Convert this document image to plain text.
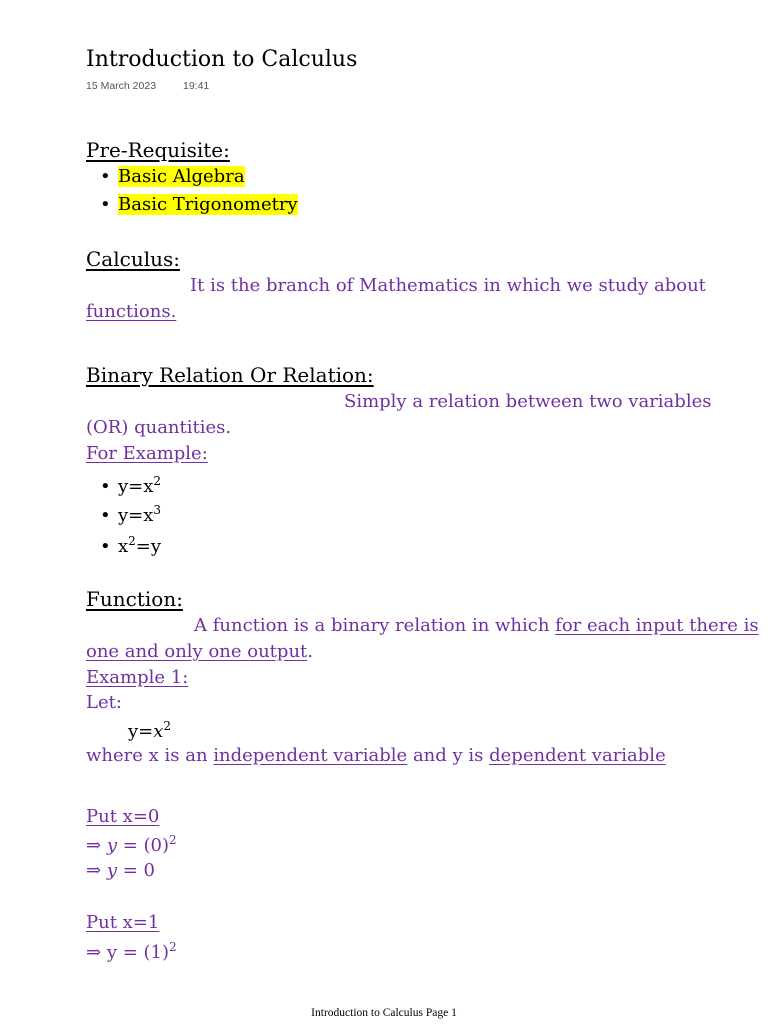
Introduction to Calculus
15 March 2023	19:41
Pre-Requisite:
• Basic Algebra
• Basic Trigonometry
Calculus:
It is the branch of Mathematics in which we study about
functions.
Binary Relation Or Relation:
Simply a relation between two variables
(OR) quantities.
For Example:
• $y=x^2$
• $y=x^3$
• $x^2=y$
Function:
A function is a binary relation in which for each input there is
one and only one output.
Example 1:
Let:
$y=x^2$
where x is an independent variable and y is dependent variable
Put x=0
⇒ $y = (0)^2$
⇒ y = 0
Put x=1
⇒ $y = (1)^2$
Introduction to Calculus Page 1
